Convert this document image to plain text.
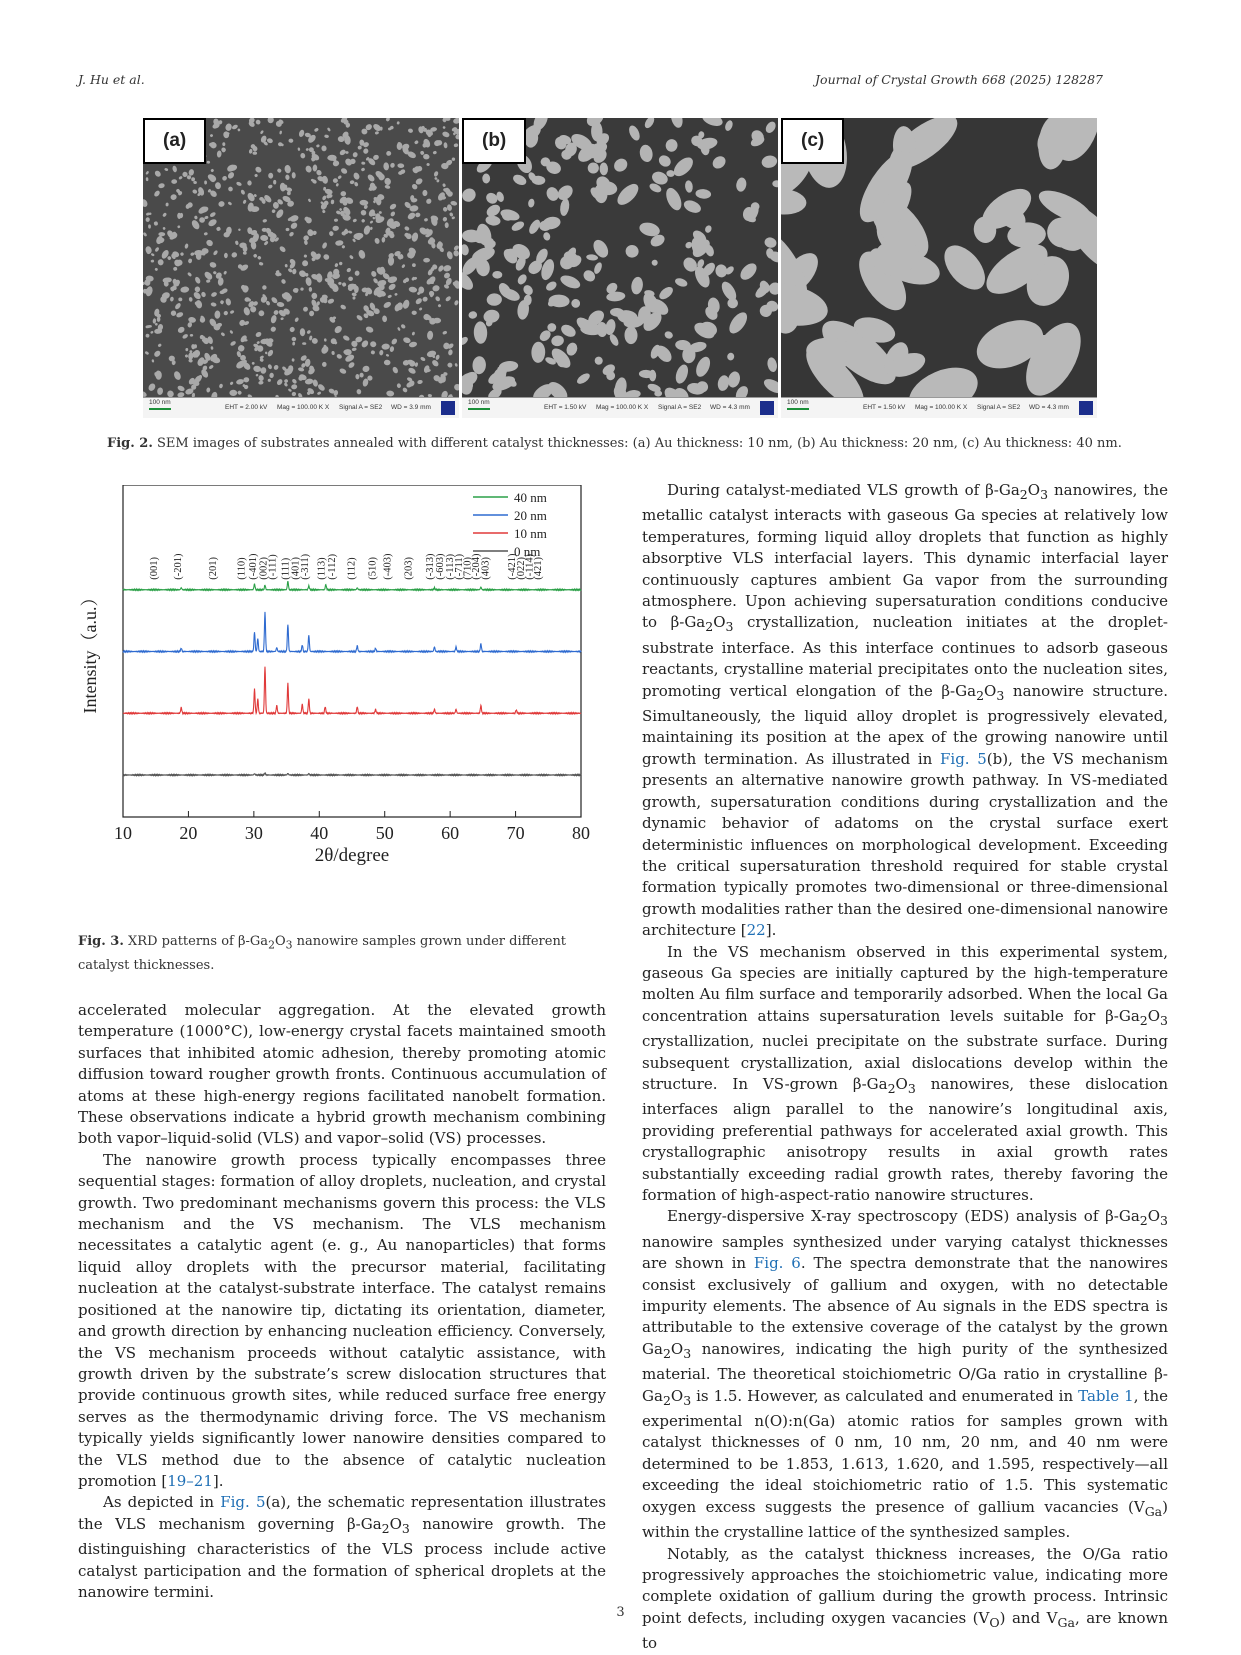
J. Hu et al.	Journal of Crystal Growth 668 (2025) 128287
(a)
100 nm
EHT = 2.00 kV Mag = 100.00 K X Signal A = SE2 WD = 3.9 mm
(b)
100 nm
EHT = 1.50 kV Mag = 100.00 K X Signal A = SE2 WD = 4.3 mm
(c)
100 nm
EHT = 1.50 kV Mag = 100.00 K X Signal A = SE2 WD = 4.3 mm
Fig. 2. SEM images of substrates annealed with different catalyst thicknesses: (a) Au thickness: 10 nm, (b) Au thickness: 20 nm, (c) Au thickness: 40 nm.
Intensity（a.u.）
2θ/degree
10	20	30	40	50	60	70	80
(001) (-201) (201) (110) (-401) (002)
(-111) (111)
(401)
(-311) (113) (-112) (112) (510) (-403) (203) (-313)
(-603)
(-113)
(-711)
(710)
(-204)
(403) (-421)
(022)
(-114)
(421)
40 nm
20 nm
10 nm
0 nm
Fig. 3. XRD patterns of $\beta-Ga_2O_3$ nanowire samples grown under different catalyst thicknesses.

accelerated molecular aggregation. At the elevated growth temperature (1000°C), low-energy crystal facets maintained smooth surfaces that inhibited atomic adhesion, thereby promoting atomic diffusion toward rougher growth fronts. Continuous accumulation of atoms at these high-energy regions facilitated nanobelt formation. These observations indicate a hybrid growth mechanism combining both vapor–liquid-solid (VLS) and vapor–solid (VS) processes.

The nanowire growth process typically encompasses three sequential stages: formation of alloy droplets, nucleation, and crystal growth. Two predominant mechanisms govern this process: the VLS mechanism and the VS mechanism. The VLS mechanism necessitates a catalytic agent (e. g., Au nanoparticles) that forms liquid alloy droplets with the precursor material, facilitating nucleation at the catalyst-substrate interface. The catalyst remains positioned at the nanowire tip, dictating its orientation, diameter, and growth direction by enhancing nucleation efficiency. Conversely, the VS mechanism proceeds without catalytic assistance, with growth driven by the substrate’s screw dislocation structures that provide continuous growth sites, while reduced surface free energy serves as the thermodynamic driving force. The VS mechanism typically yields significantly lower nanowire densities compared to the VLS method due to the absence of catalytic nucleation promotion [19–21].

As depicted in Fig. 5(a), the schematic representation illustrates the VLS mechanism governing $\beta-Ga_2O_3$ nanowire growth. The distinguishing characteristics of the VLS process include active catalyst participation and the formation of spherical droplets at the nanowire termini.

During catalyst-mediated VLS growth of $\beta-Ga_2O_3$ nanowires, the metallic catalyst interacts with gaseous Ga species at relatively low temperatures, forming liquid alloy droplets that function as highly absorptive VLS interfacial layers. This dynamic interfacial layer continuously captures ambient Ga vapor from the surrounding atmosphere. Upon achieving supersaturation conditions conducive to $\beta-Ga_2O_3$ crystallization, nucleation initiates at the droplet-substrate interface. As this interface continues to adsorb gaseous reactants, crystalline material precipitates onto the nucleation sites, promoting vertical elongation of the $\beta-Ga_2O_3$ nanowire structure. Simultaneously, the liquid alloy droplet is progressively elevated, maintaining its position at the apex of the growing nanowire until growth termination. As illustrated in Fig. 5(b), the VS mechanism presents an alternative nanowire growth pathway. In VS-mediated growth, supersaturation conditions during crystallization and the dynamic behavior of adatoms on the crystal surface exert deterministic influences on morphological development. Exceeding the critical supersaturation threshold required for stable crystal formation typically promotes two-dimensional or three-dimensional growth modalities rather than the desired one-dimensional nanowire architecture [22].

In the VS mechanism observed in this experimental system, gaseous Ga species are initially captured by the high-temperature molten Au film surface and temporarily adsorbed. When the local Ga concentration attains supersaturation levels suitable for $\beta-Ga_2O_3$ crystallization, nuclei precipitate on the substrate surface. During subsequent crystallization, axial dislocations develop within the structure. In VS-grown $\beta-Ga_2O_3$ nanowires, these dislocation interfaces align parallel to the nanowire’s longitudinal axis, providing preferential pathways for accelerated axial growth. This crystallographic anisotropy results in axial growth rates substantially exceeding radial growth rates, thereby favoring the formation of high-aspect-ratio nanowire structures.

Energy-dispersive X-ray spectroscopy (EDS) analysis of $\beta-Ga_2O_3$ nanowire samples synthesized under varying catalyst thicknesses are shown in Fig. 6. The spectra demonstrate that the nanowires consist exclusively of gallium and oxygen, with no detectable impurity elements. The absence of Au signals in the EDS spectra is attributable to the extensive coverage of the catalyst by the grown $Ga_2O_3$ nanowires, indicating the high purity of the synthesized material. The theoretical stoichiometric O/Ga ratio in crystalline $\beta-Ga_2O_3$ is 1.5. However, as calculated and enumerated in Table 1, the experimental n(O):n(Ga) atomic ratios for samples grown with catalyst thicknesses of 0 nm, 10 nm, 20 nm, and 40 nm were determined to be 1.853, 1.613, 1.620, and 1.595, respectively—all exceeding the ideal stoichiometric ratio of 1.5. This systematic oxygen excess suggests the presence of gallium vacancies $(V_{Ga})$ within the crystalline lattice of the synthesized samples.

Notably, as the catalyst thickness increases, the O/Ga ratio progressively approaches the stoichiometric value, indicating more complete oxidation of gallium during the growth process. Intrinsic point defects, including oxygen vacancies $(V_O)$ and $V_{Ga}$, are known to

3
